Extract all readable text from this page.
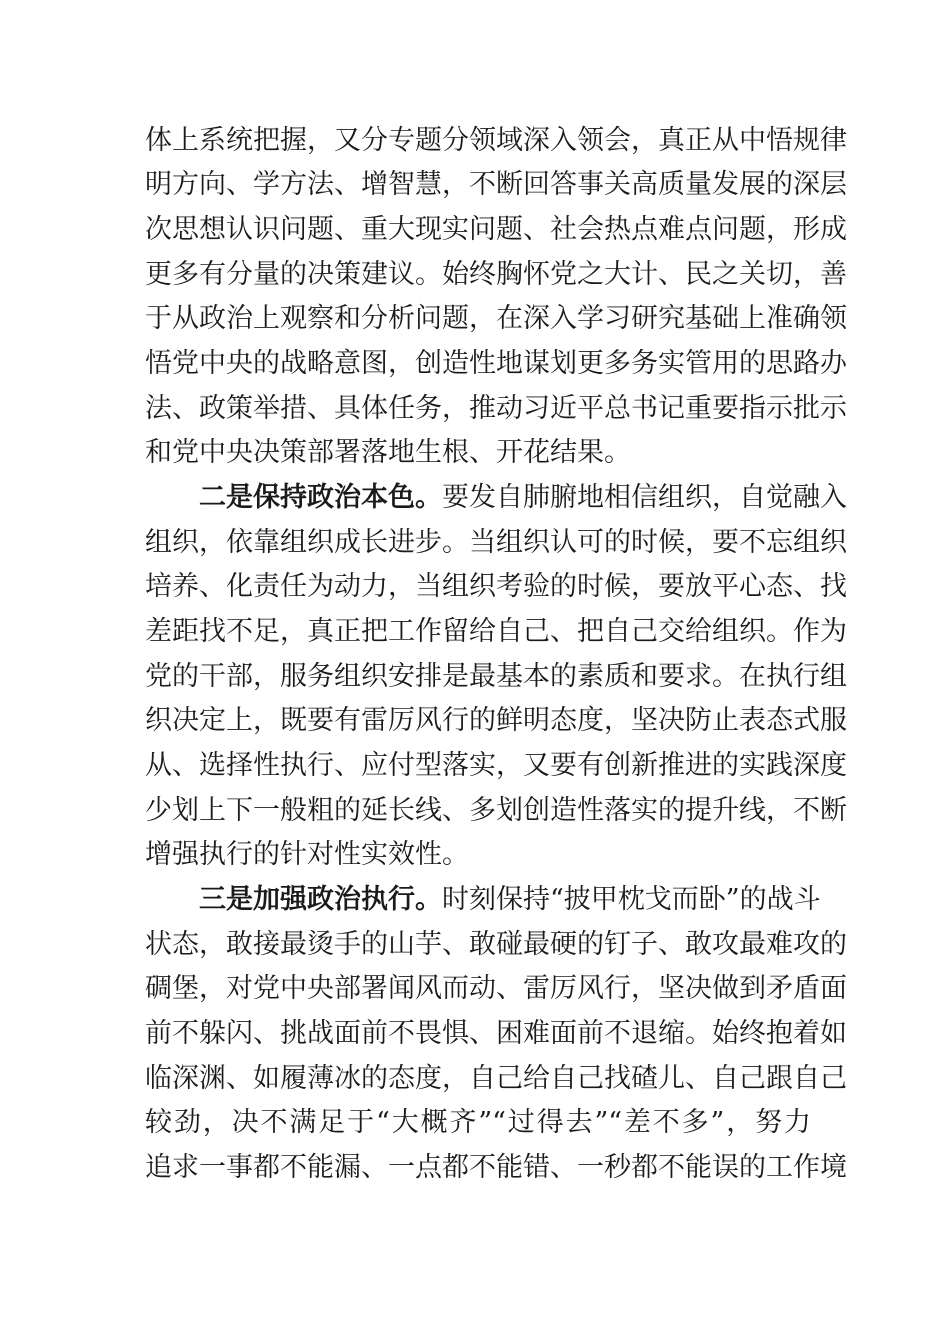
体上系统把握，又分专题分领域深入领会，真正从中悟规律
明方向、学方法、增智慧，不断回答事关高质量发展的深层
次思想认识问题、重大现实问题、社会热点难点问题，形成
更多有分量的决策建议。始终胸怀党之大计、民之关切，善
于从政治上观察和分析问题，在深入学习研究基础上准确领
悟党中央的战略意图，创造性地谋划更多务实管用的思路办
法、政策举措、具体任务，推动习近平总书记重要指示批示
和党中央决策部署落地生根、开花结果。
二是保持政治本色。要发自肺腑地相信组织，自觉融入
组织，依靠组织成长进步。当组织认可的时候，要不忘组织
培养、化责任为动力，当组织考验的时候，要放平心态、找
差距找不足，真正把工作留给自己、把自己交给组织。作为
党的干部，服务组织安排是最基本的素质和要求。在执行组
织决定上，既要有雷厉风行的鲜明态度，坚决防止表态式服
从、选择性执行、应付型落实，又要有创新推进的实践深度
少划上下一般粗的延长线、多划创造性落实的提升线，不断
增强执行的针对性实效性。
三是加强政治执行。时刻保持“披甲枕戈而卧”的战斗
状态，敢接最烫手的山芋、敢碰最硬的钉子、敢攻最难攻的
碉堡，对党中央部署闻风而动、雷厉风行，坚决做到矛盾面
前不躲闪、挑战面前不畏惧、困难面前不退缩。始终抱着如
临深渊、如履薄冰的态度，自己给自己找碴儿、自己跟自己
较劲，决不满足于“大概齐”“过得去”“差不多”，努力
追求一事都不能漏、一点都不能错、一秒都不能误的工作境
